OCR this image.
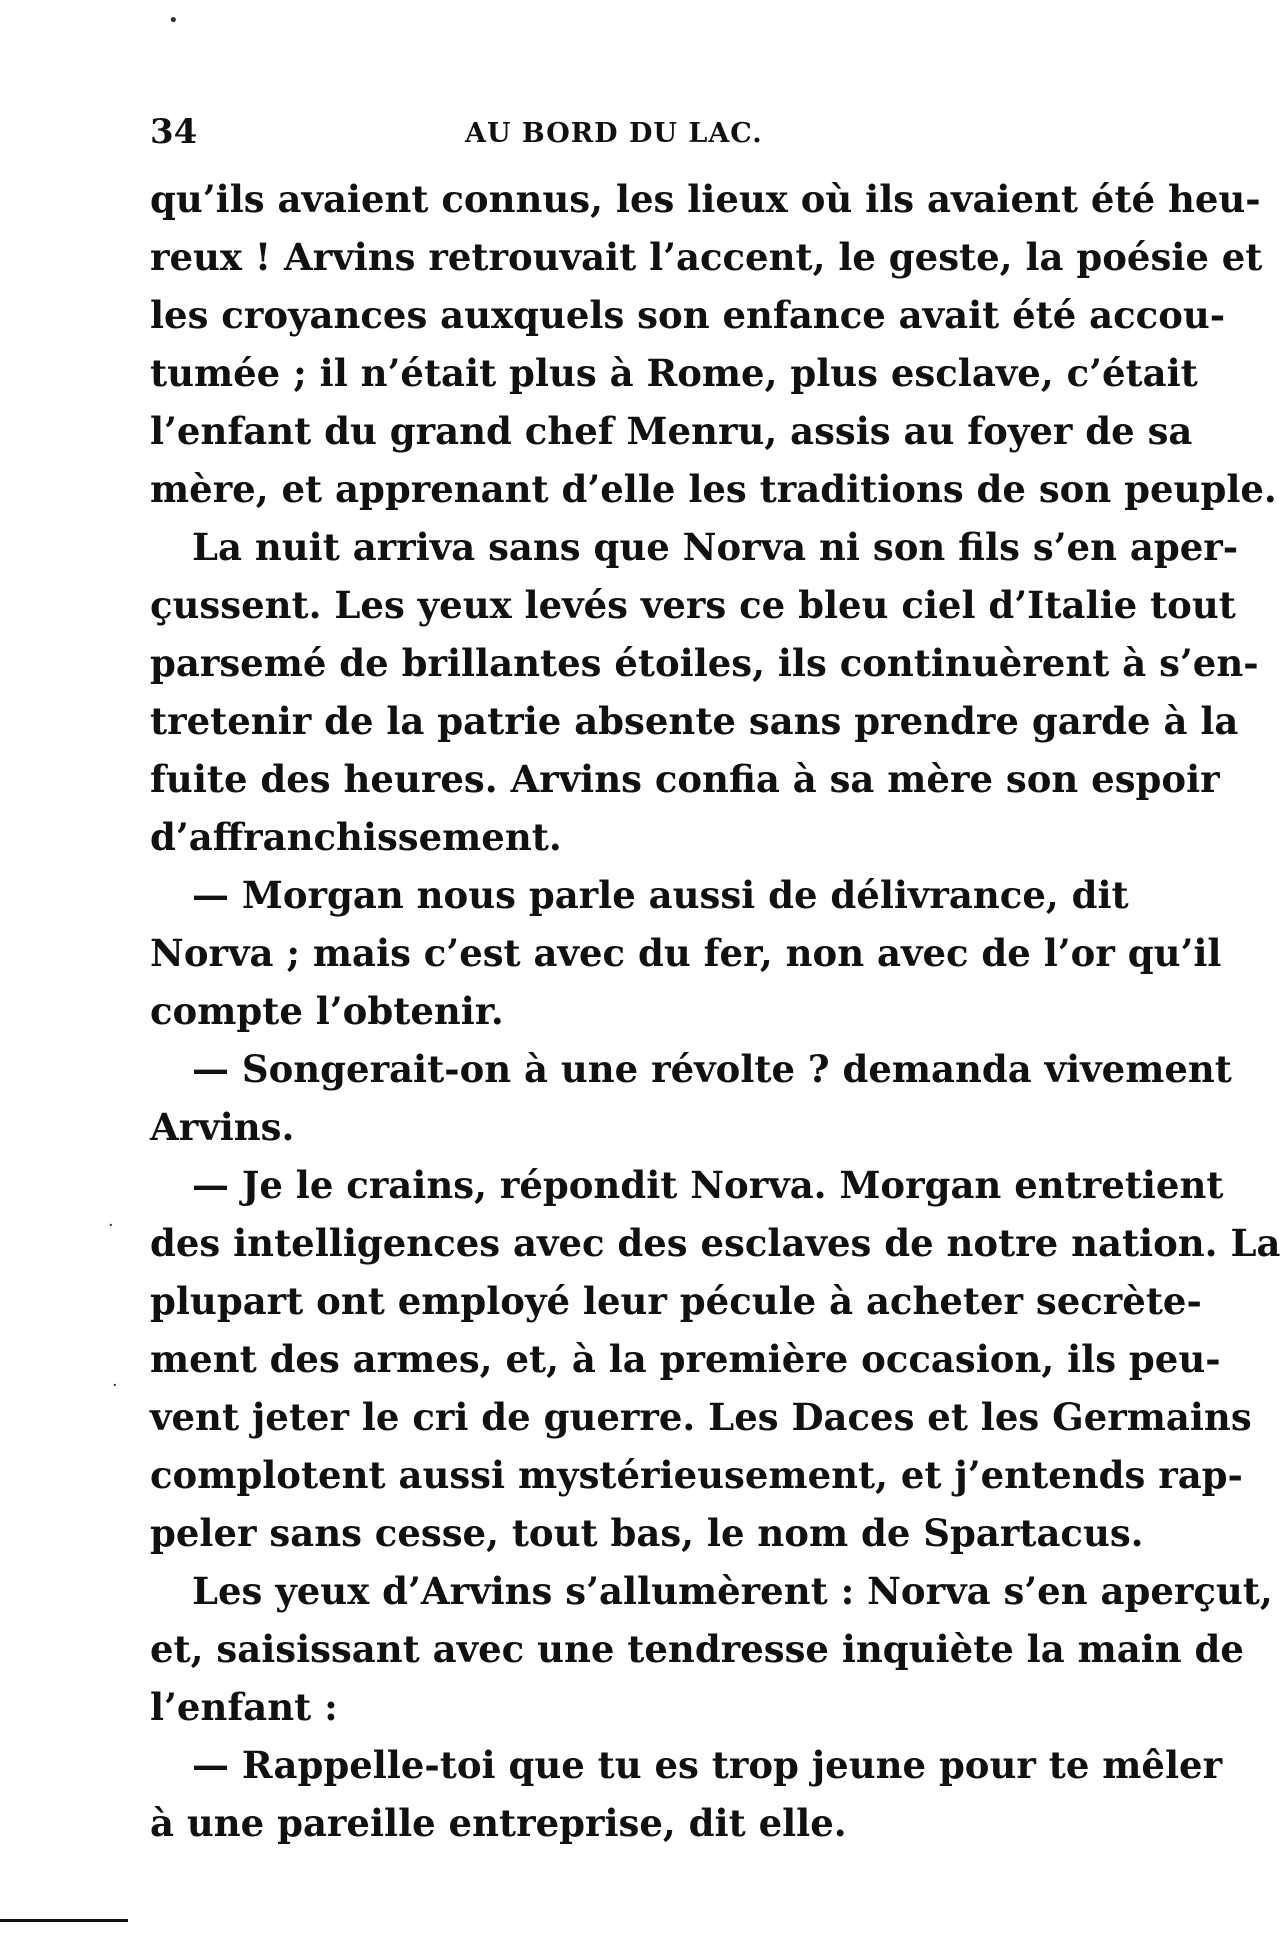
34	AU BORD DU LAC.
qu’ils avaient connus, les lieux où ils avaient été heu-
reux ! Arvins retrouvait l’accent, le geste, la poésie et
les croyances auxquels son enfance avait été accou-
tumée ; il n’était plus à Rome, plus esclave, c’était
l’enfant du grand chef Menru, assis au foyer de sa
mère, et apprenant d’elle les traditions de son peuple.
La nuit arriva sans que Norva ni son fils s’en aper-
çussent. Les yeux levés vers ce bleu ciel d’Italie tout
parsemé de brillantes étoiles, ils continuèrent à s’en-
tretenir de la patrie absente sans prendre garde à la
fuite des heures. Arvins confia à sa mère son espoir
d’affranchissement.
— Morgan nous parle aussi de délivrance, dit
Norva ; mais c’est avec du fer, non avec de l’or qu’il
compte l’obtenir.
— Songerait-on à une révolte ? demanda vivement
Arvins.
— Je le crains, répondit Norva. Morgan entretient
des intelligences avec des esclaves de notre nation. La
plupart ont employé leur pécule à acheter secrète-
ment des armes, et, à la première occasion, ils peu-
vent jeter le cri de guerre. Les Daces et les Germains
complotent aussi mystérieusement, et j’entends rap-
peler sans cesse, tout bas, le nom de Spartacus.
Les yeux d’Arvins s’allumèrent : Norva s’en aperçut,
et, saisissant avec une tendresse inquiète la main de
l’enfant :
— Rappelle-toi que tu es trop jeune pour te mêler
à une pareille entreprise, dit elle.
•
·
·
